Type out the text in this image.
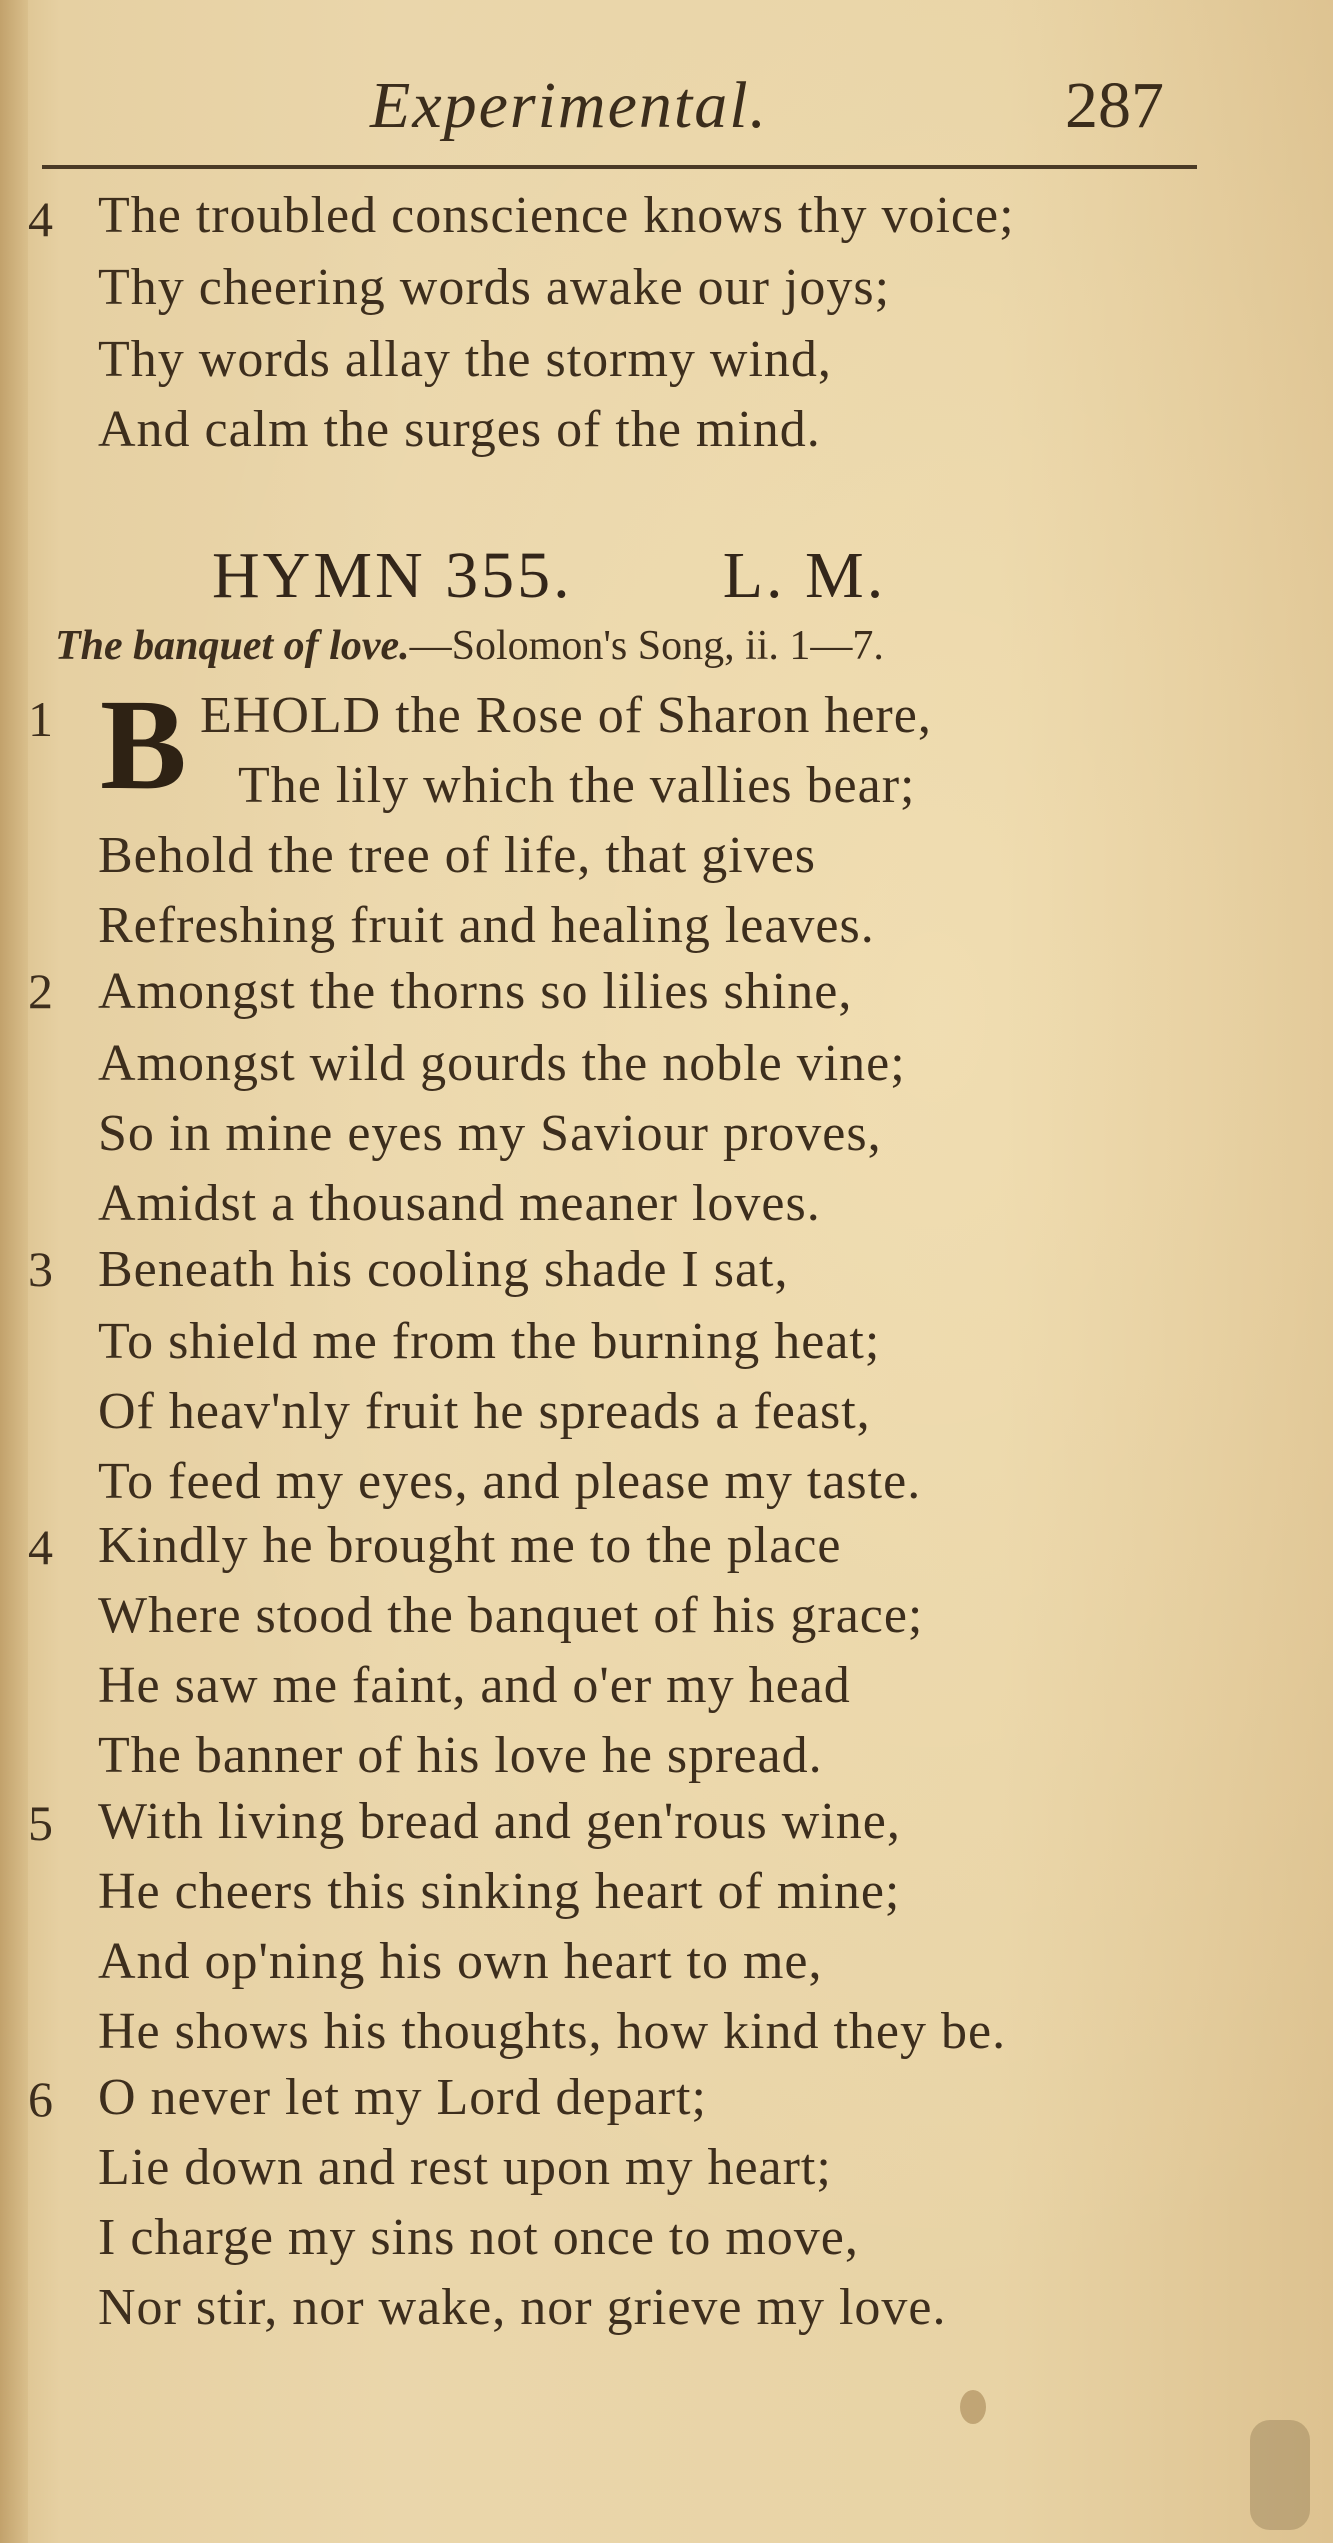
Experimental.	287
4 The troubled conscience knows thy voice;
Thy cheering words awake our joys;
Thy words allay the stormy wind,
And calm the surges of the mind.
HYMN 355. L. M.
The banquet of love.—Solomon's Song, ii. 1—7.
1 B EHOLD the Rose of Sharon here,
The lily which the vallies bear;
Behold the tree of life, that gives
Refreshing fruit and healing leaves.
2 Amongst the thorns so lilies shine,
Amongst wild gourds the noble vine;
So in mine eyes my Saviour proves,
Amidst a thousand meaner loves.
3 Beneath his cooling shade I sat,
To shield me from the burning heat;
Of heav'nly fruit he spreads a feast,
To feed my eyes, and please my taste.
4 Kindly he brought me to the place
Where stood the banquet of his grace;
He saw me faint, and o'er my head
The banner of his love he spread.
5 With living bread and gen'rous wine,
He cheers this sinking heart of mine;
And op'ning his own heart to me,
He shows his thoughts, how kind they be.
6 O never let my Lord depart;
Lie down and rest upon my heart;
I charge my sins not once to move,
Nor stir, nor wake, nor grieve my love.
